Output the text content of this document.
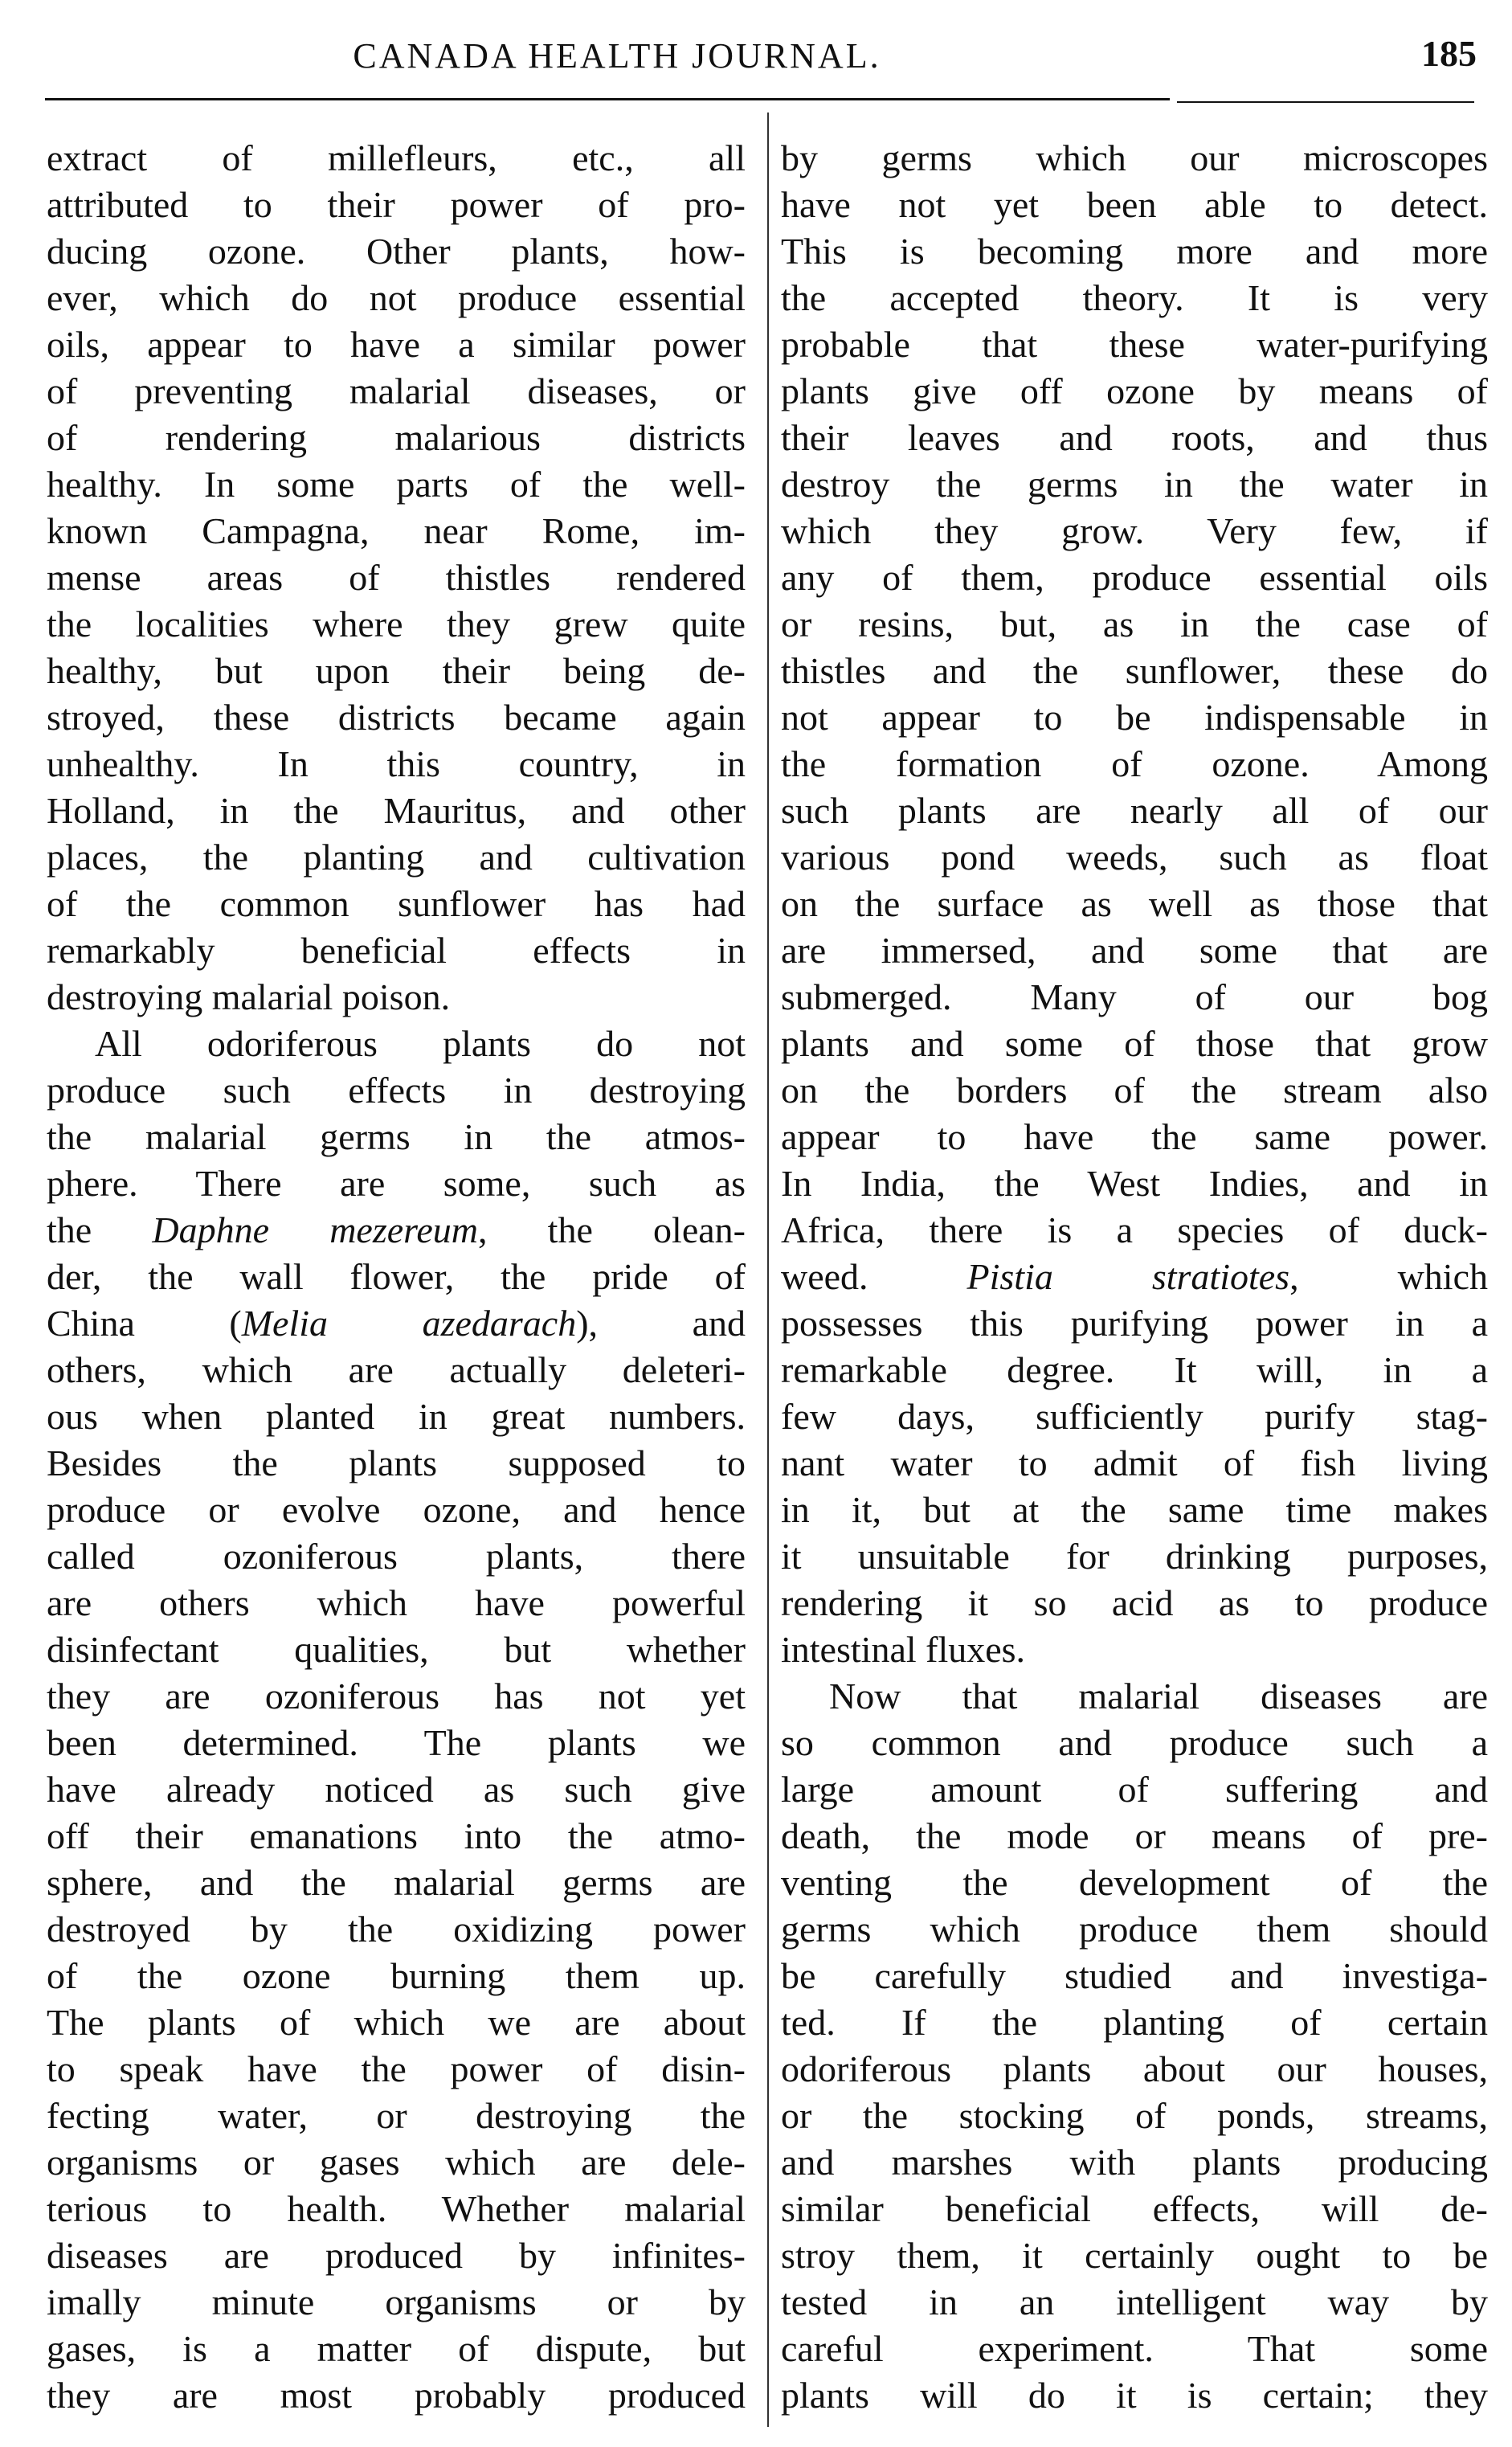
CANADA HEALTH JOURNAL.	185
extract of millefleurs, etc., all
attributed to their power of pro-
ducing ozone. Other plants, how-
ever, which do not produce essential
oils, appear to have a similar power
of preventing malarial diseases, or
of rendering malarious districts
healthy. In some parts of the well-
known Campagna, near Rome, im-
mense areas of thistles rendered
the localities where they grew quite
healthy, but upon their being de-
stroyed, these districts became again
unhealthy. In this country, in
Holland, in the Mauritus, and other
places, the planting and cultivation
of the common sunflower has had
remarkably beneficial effects in
destroying malarial poison.
All odoriferous plants do not
produce such effects in destroying
the malarial germs in the atmos-
phere. There are some, such as
the Daphne mezereum, the olean-
der, the wall flower, the pride of
China (Melia azedarach), and
others, which are actually deleteri-
ous when planted in great numbers.
Besides the plants supposed to
produce or evolve ozone, and hence
called ozoniferous plants, there
are others which have powerful
disinfectant qualities, but whether
they are ozoniferous has not yet
been determined. The plants we
have already noticed as such give
off their emanations into the atmo-
sphere, and the malarial germs are
destroyed by the oxidizing power
of the ozone burning them up.
The plants of which we are about
to speak have the power of disin-
fecting water, or destroying the
organisms or gases which are dele-
terious to health. Whether malarial
diseases are produced by infinites-
imally minute organisms or by
gases, is a matter of dispute, but
they are most probably produced
by germs which our microscopes
have not yet been able to detect.
This is becoming more and more
the accepted theory. It is very
probable that these water-purifying
plants give off ozone by means of
their leaves and roots, and thus
destroy the germs in the water in
which they grow. Very few, if
any of them, produce essential oils
or resins, but, as in the case of
thistles and the sunflower, these do
not appear to be indispensable in
the formation of ozone. Among
such plants are nearly all of our
various pond weeds, such as float
on the surface as well as those that
are immersed, and some that are
submerged. Many of our bog
plants and some of those that grow
on the borders of the stream also
appear to have the same power.
In India, the West Indies, and in
Africa, there is a species of duck-
weed. Pistia stratiotes, which
possesses this purifying power in a
remarkable degree. It will, in a
few days, sufficiently purify stag-
nant water to admit of fish living
in it, but at the same time makes
it unsuitable for drinking purposes,
rendering it so acid as to produce
intestinal fluxes.
Now that malarial diseases are
so common and produce such a
large amount of suffering and
death, the mode or means of pre-
venting the development of the
germs which produce them should
be carefully studied and investiga-
ted. If the planting of certain
odoriferous plants about our houses,
or the stocking of ponds, streams,
and marshes with plants producing
similar beneficial effects, will de-
stroy them, it certainly ought to be
tested in an intelligent way by
careful experiment. That some
plants will do it is certain; they
